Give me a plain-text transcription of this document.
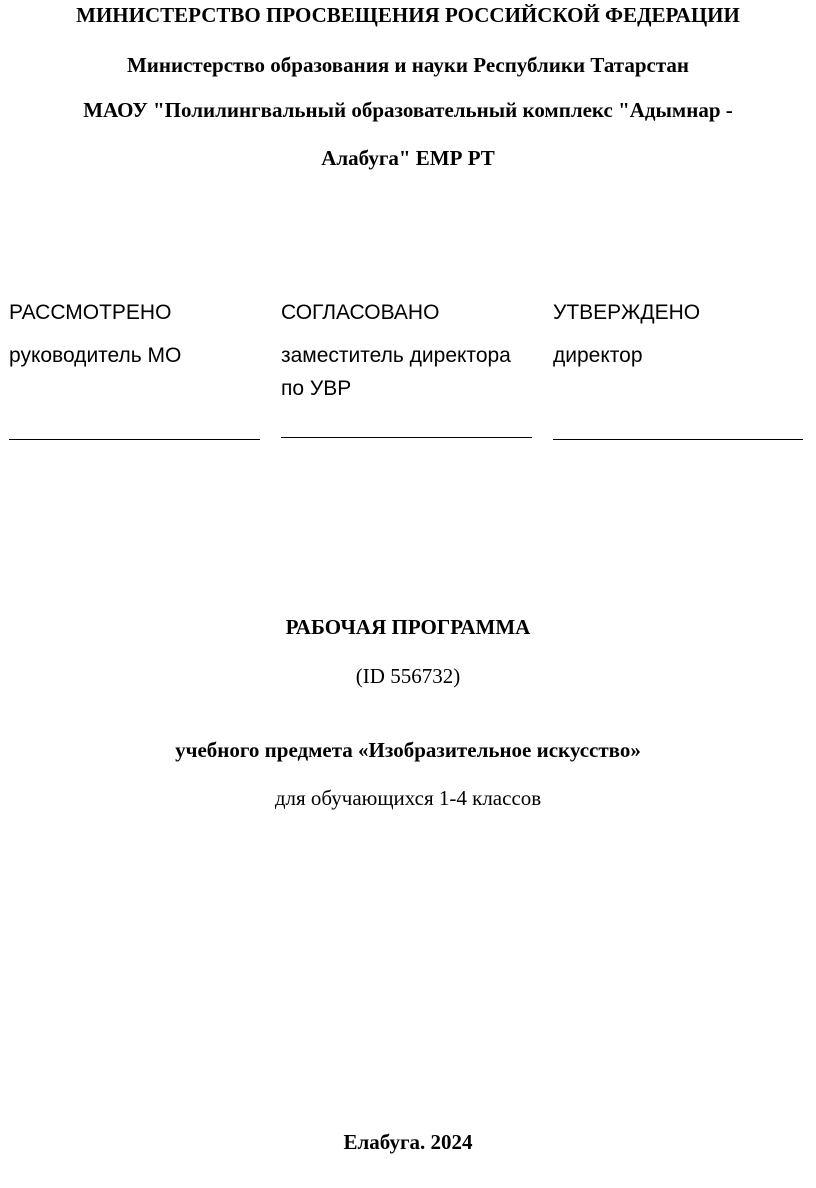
МИНИСТЕРСТВО ПРОСВЕЩЕНИЯ РОССИЙСКОЙ ФЕДЕРАЦИИ
Министерство образования и науки Республики Татарстан
МАОУ "Полилингвальный образовательный комплекс "Адымнар -
Алабуга" ЕМР РТ
РАССМОТРЕНО
руководитель МО
СОГЛАСОВАНО
заместитель директора
по УВР
УТВЕРЖДЕНО
директор
РАБОЧАЯ ПРОГРАММА
(ID 556732)
учебного предмета «Изобразительное искусство»
для обучающихся 1-4 классов
Елабуга. 2024
